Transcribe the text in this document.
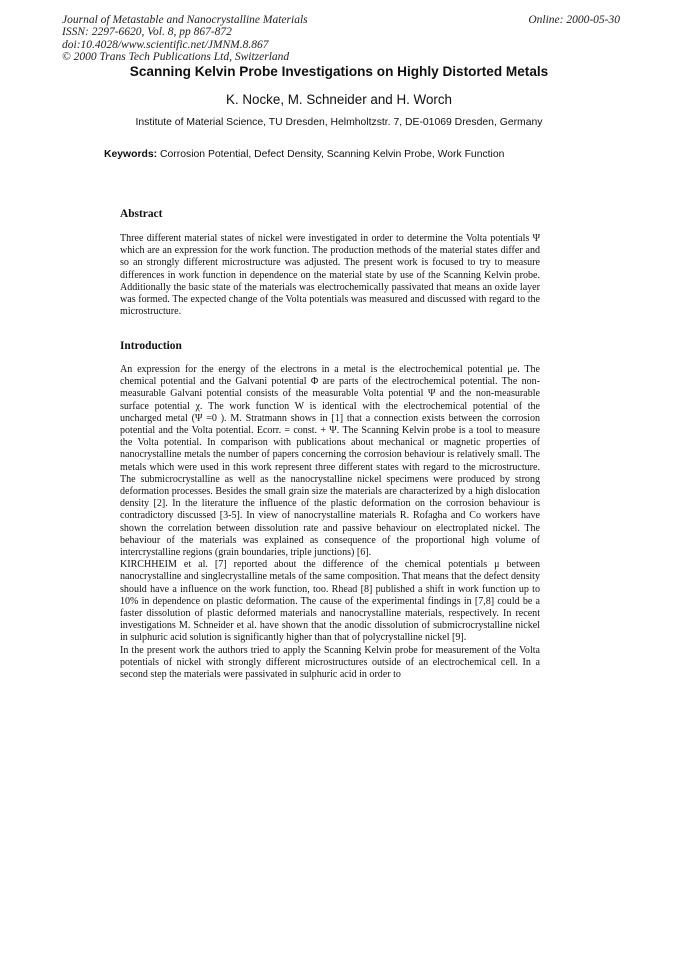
Journal of Metastable and Nanocrystalline Materials
ISSN: 2297-6620, Vol. 8, pp 867-872
doi:10.4028/www.scientific.net/JMNM.8.867
© 2000 Trans Tech Publications Ltd, Switzerland
Online: 2000-05-30
Scanning Kelvin Probe Investigations on Highly Distorted Metals
K. Nocke, M. Schneider and H. Worch
Institute of Material Science, TU Dresden, Helmholtzstr. 7, DE-01069 Dresden, Germany
Keywords: Corrosion Potential, Defect Density, Scanning Kelvin Probe, Work Function
Abstract

Three different material states of nickel were investigated in order to determine the Volta potentials Ψ which are an expression for the work function. The production methods of the material states differ and so an strongly different microstructure was adjusted. The present work is focused to try to measure differences in work function in dependence on the material state by use of the Scanning Kelvin probe. Additionally the basic state of the materials was electrochemically passivated that means an oxide layer was formed. The expected change of the Volta potentials was measured and discussed with regard to the microstructure.

Introduction

An expression for the energy of the electrons in a metal is the electrochemical potential μe. The chemical potential and the Galvani potential Φ are parts of the electrochemical potential. The non-measurable Galvani potential consists of the measurable Volta potential Ψ and the non-measurable surface potential χ. The work function W is identical with the electrochemical potential of the uncharged metal (Ψ =0 ). M. Stratmann shows in [1] that a connection exists between the corrosion potential and the Volta potential. Ecorr. = const. + Ψ. The Scanning Kelvin probe is a tool to measure the Volta potential. In comparison with publications about mechanical or magnetic properties of nanocrystalline metals the number of papers concerning the corrosion behaviour is relatively small. The metals which were used in this work represent three different states with regard to the microstructure. The submicrocrystalline as well as the nanocrystalline nickel specimens were produced by strong deformation processes. Besides the small grain size the materials are characterized by a high dislocation density [2]. In the literature the influence of the plastic deformation on the corrosion behaviour is contradictory discussed [3-5]. In view of nanocrystalline materials R. Rofagha and Co workers have shown the correlation between dissolution rate and passive behaviour on electroplated nickel. The behaviour of the materials was explained as consequence of the proportional high volume of intercrystalline regions (grain boundaries, triple junctions) [6].

KIRCHHEIM et al. [7] reported about the difference of the chemical potentials μ between nanocrystalline and singlecrystalline metals of the same composition. That means that the defect density should have a influence on the work function, too. Rhead [8] published a shift in work function up to 10% in dependence on plastic deformation. The cause of the experimental findings in [7,8] could be a faster dissolution of plastic deformed materials and nanocrystalline materials, respectively. In recent investigations M. Schneider et al. have shown that the anodic dissolution of submicrocrystalline nickel in sulphuric acid solution is significantly higher than that of polycrystalline nickel [9].

In the present work the authors tried to apply the Scanning Kelvin probe for measurement of the Volta potentials of nickel with strongly different microstructures outside of an electrochemical cell. In a second step the materials were passivated in sulphuric acid in order to
